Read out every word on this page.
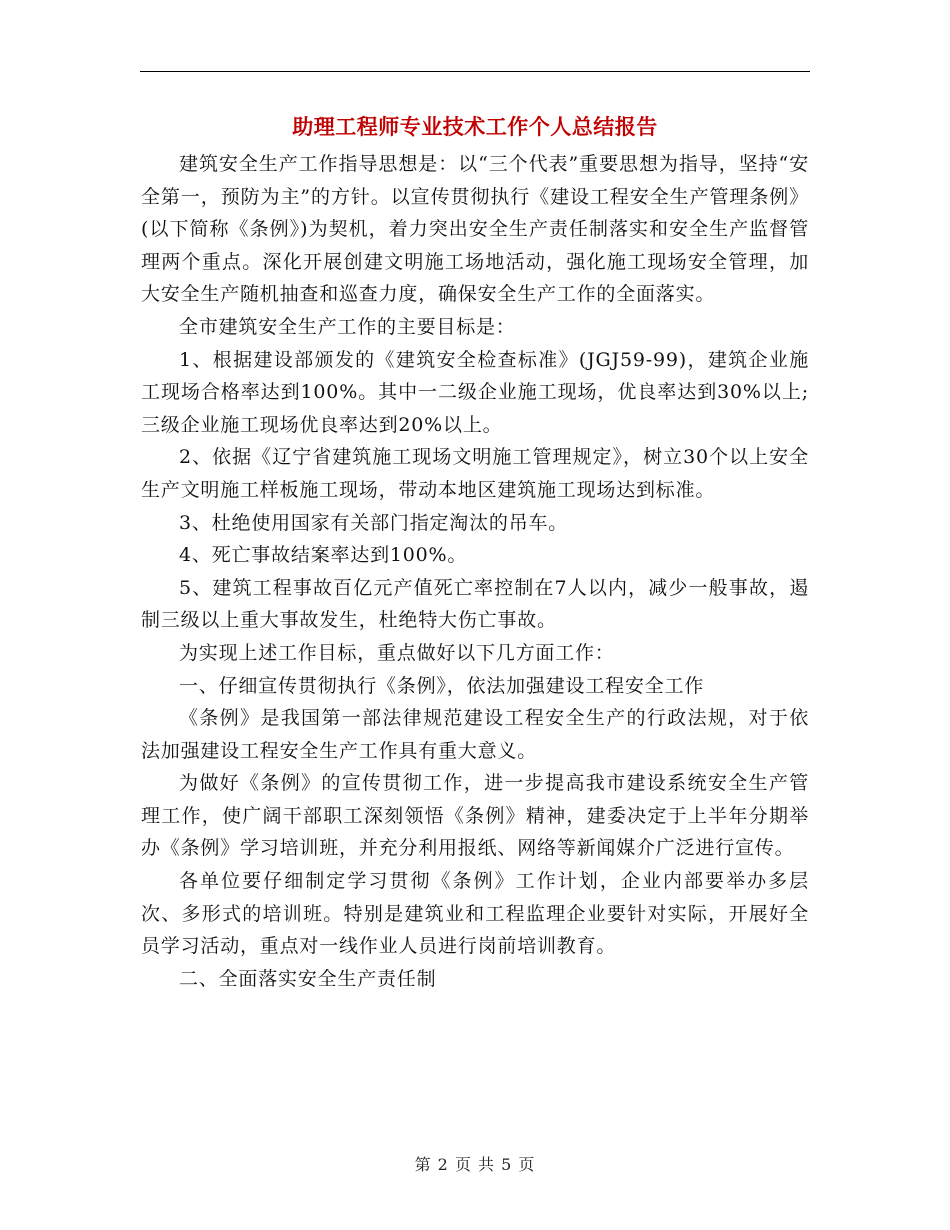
助理工程师专业技术工作个人总结报告

建筑安全生产工作指导思想是：以“三个代表”重要思想为指导，坚持“安全第一，预防为主”的方针。以宣传贯彻执行《建设工程安全生产管理条例》(以下简称《条例》)为契机，着力突出安全生产责任制落实和安全生产监督管理两个重点。深化开展创建文明施工场地活动，强化施工现场安全管理，加大安全生产随机抽查和巡查力度，确保安全生产工作的全面落实。

全市建筑安全生产工作的主要目标是：

1、根据建设部颁发的《建筑安全检查标准》(JGJ59-99)，建筑企业施工现场合格率达到100%。其中一二级企业施工现场，优良率达到30%以上;三级企业施工现场优良率达到20%以上。

2、依据《辽宁省建筑施工现场文明施工管理规定》，树立30个以上安全生产文明施工样板施工现场，带动本地区建筑施工现场达到标准。

3、杜绝使用国家有关部门指定淘汰的吊车。

4、死亡事故结案率达到100%。

5、建筑工程事故百亿元产值死亡率控制在7人以内，减少一般事故，遏制三级以上重大事故发生，杜绝特大伤亡事故。

为实现上述工作目标，重点做好以下几方面工作：

一、仔细宣传贯彻执行《条例》，依法加强建设工程安全工作

《条例》是我国第一部法律规范建设工程安全生产的行政法规，对于依法加强建设工程安全生产工作具有重大意义。

为做好《条例》的宣传贯彻工作，进一步提高我市建设系统安全生产管理工作，使广阔干部职工深刻领悟《条例》精神，建委决定于上半年分期举办《条例》学习培训班，并充分利用报纸、网络等新闻媒介广泛进行宣传。

各单位要仔细制定学习贯彻《条例》工作计划，企业内部要举办多层次、多形式的培训班。特别是建筑业和工程监理企业要针对实际，开展好全员学习活动，重点对一线作业人员进行岗前培训教育。

二、全面落实安全生产责任制

第 2 页 共 5 页
